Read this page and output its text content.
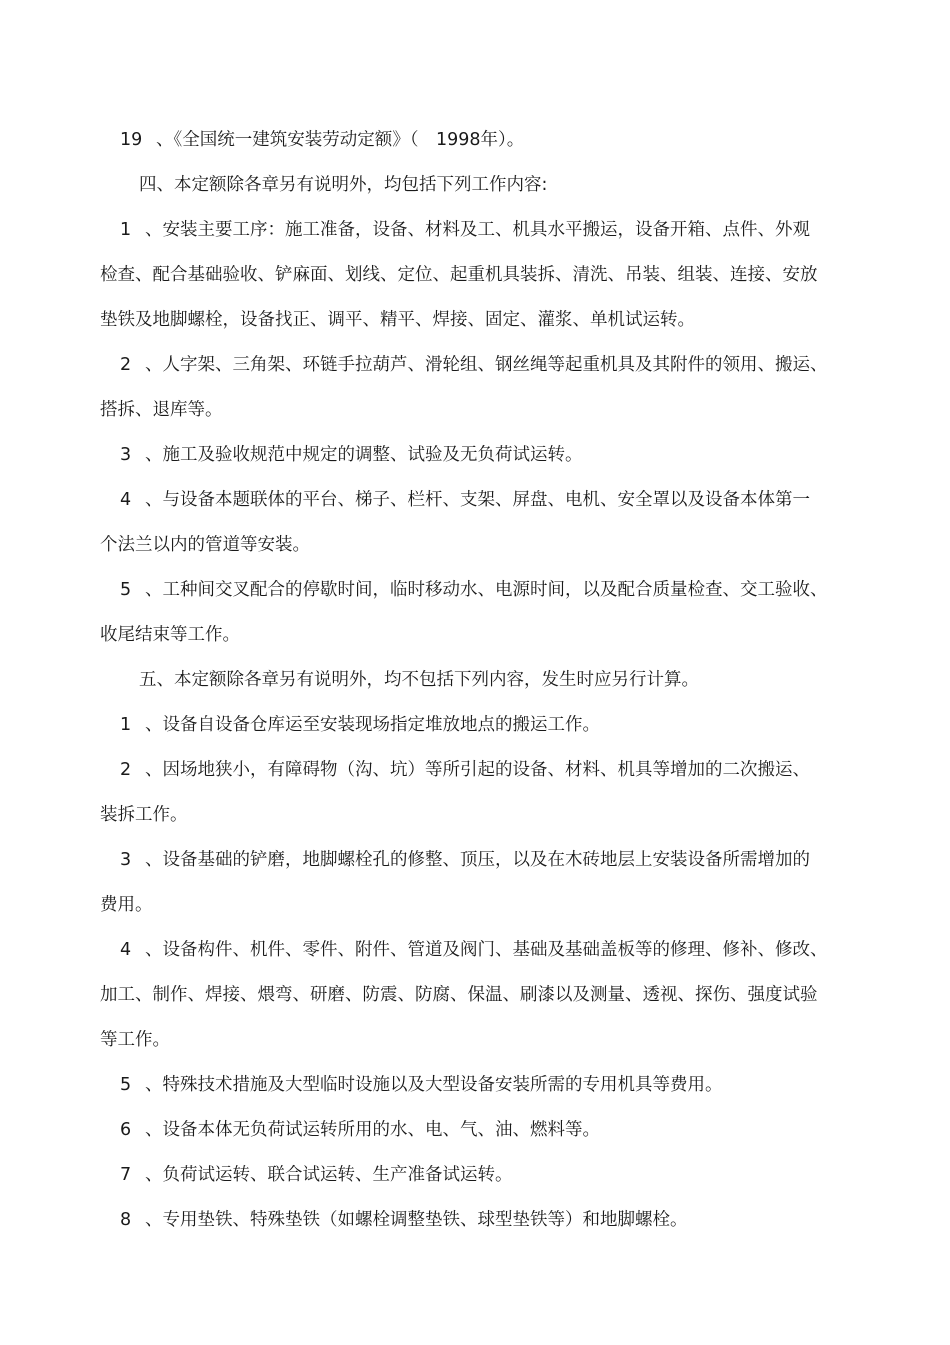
19 、《全国统一建筑安装劳动定额》（　1998年）。
四、本定额除各章另有说明外，均包括下列工作内容:
1 、安装主要工序：施工准备，设备、材料及工、机具水平搬运，设备开箱、点件、外观
检查、配合基础验收、铲麻面、划线、定位、起重机具装拆、清洗、吊装、组装、连接、安放
垫铁及地脚螺栓，设备找正、调平、精平、焊接、固定、灌浆、单机试运转。
2 、人字架、三角架、环链手拉葫芦、滑轮组、钢丝绳等起重机具及其附件的领用、搬运、
搭拆、退库等。
3 、施工及验收规范中规定的调整、试验及无负荷试运转。
4 、与设备本题联体的平台、梯子、栏杆、支架、屏盘、电机、安全罩以及设备本体第一
个法兰以内的管道等安装。
5 、工种间交叉配合的停歇时间，临时移动水、电源时间，以及配合质量检查、交工验收、
收尾结束等工作。
五、本定额除各章另有说明外，均不包括下列内容，发生时应另行计算。
1 、设备自设备仓库运至安装现场指定堆放地点的搬运工作。
2 、因场地狭小，有障碍物（沟、坑）等所引起的设备、材料、机具等增加的二次搬运、
装拆工作。
3 、设备基础的铲磨，地脚螺栓孔的修整、顶压，以及在木砖地层上安装设备所需增加的
费用。
4 、设备构件、机件、零件、附件、管道及阀门、基础及基础盖板等的修理、修补、修改、
加工、制作、焊接、煨弯、研磨、防震、防腐、保温、刷漆以及测量、透视、探伤、强度试验
等工作。
5 、特殊技术措施及大型临时设施以及大型设备安装所需的专用机具等费用。
6 、设备本体无负荷试运转所用的水、电、气、油、燃料等。
7 、负荷试运转、联合试运转、生产准备试运转。
8 、专用垫铁、特殊垫铁（如螺栓调整垫铁、球型垫铁等）和地脚螺栓。
